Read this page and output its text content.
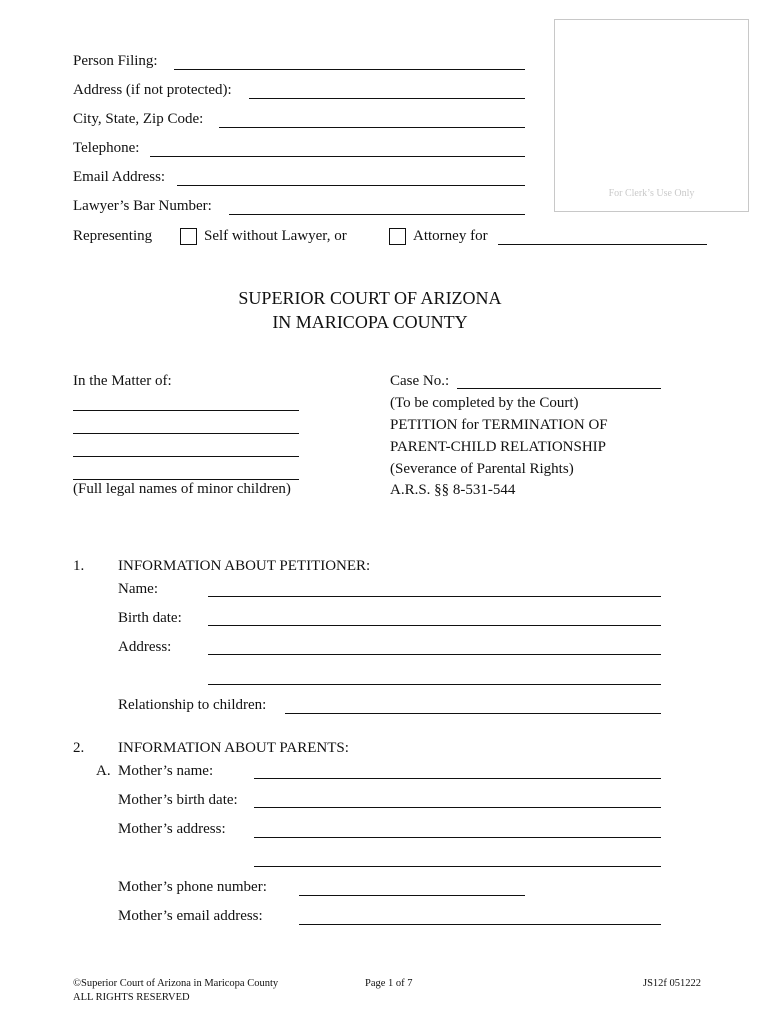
For Clerk’s Use Only
Person Filing:
Address (if not protected):
City, State, Zip Code:
Telephone:
Email Address:
Lawyer’s Bar Number:
Representing	Self without Lawyer, or	Attorney for
SUPERIOR COURT OF ARIZONA
IN MARICOPA COUNTY
In the Matter of:
(Full legal names of minor children)
Case No.:
(To be completed by the Court)
PETITION for TERMINATION OF
PARENT-CHILD RELATIONSHIP
(Severance of Parental Rights)
A.R.S. §§ 8-531-544
1. INFORMATION ABOUT PETITIONER:
Name:
Birth date:
Address:
Relationship to children:
2. INFORMATION ABOUT PARENTS:
A. Mother’s name:
Mother’s birth date:
Mother’s address:
Mother’s phone number:
Mother’s email address:
©Superior Court of Arizona in Maricopa County
ALL RIGHTS RESERVED
Page 1 of 7	JS12f 051222
